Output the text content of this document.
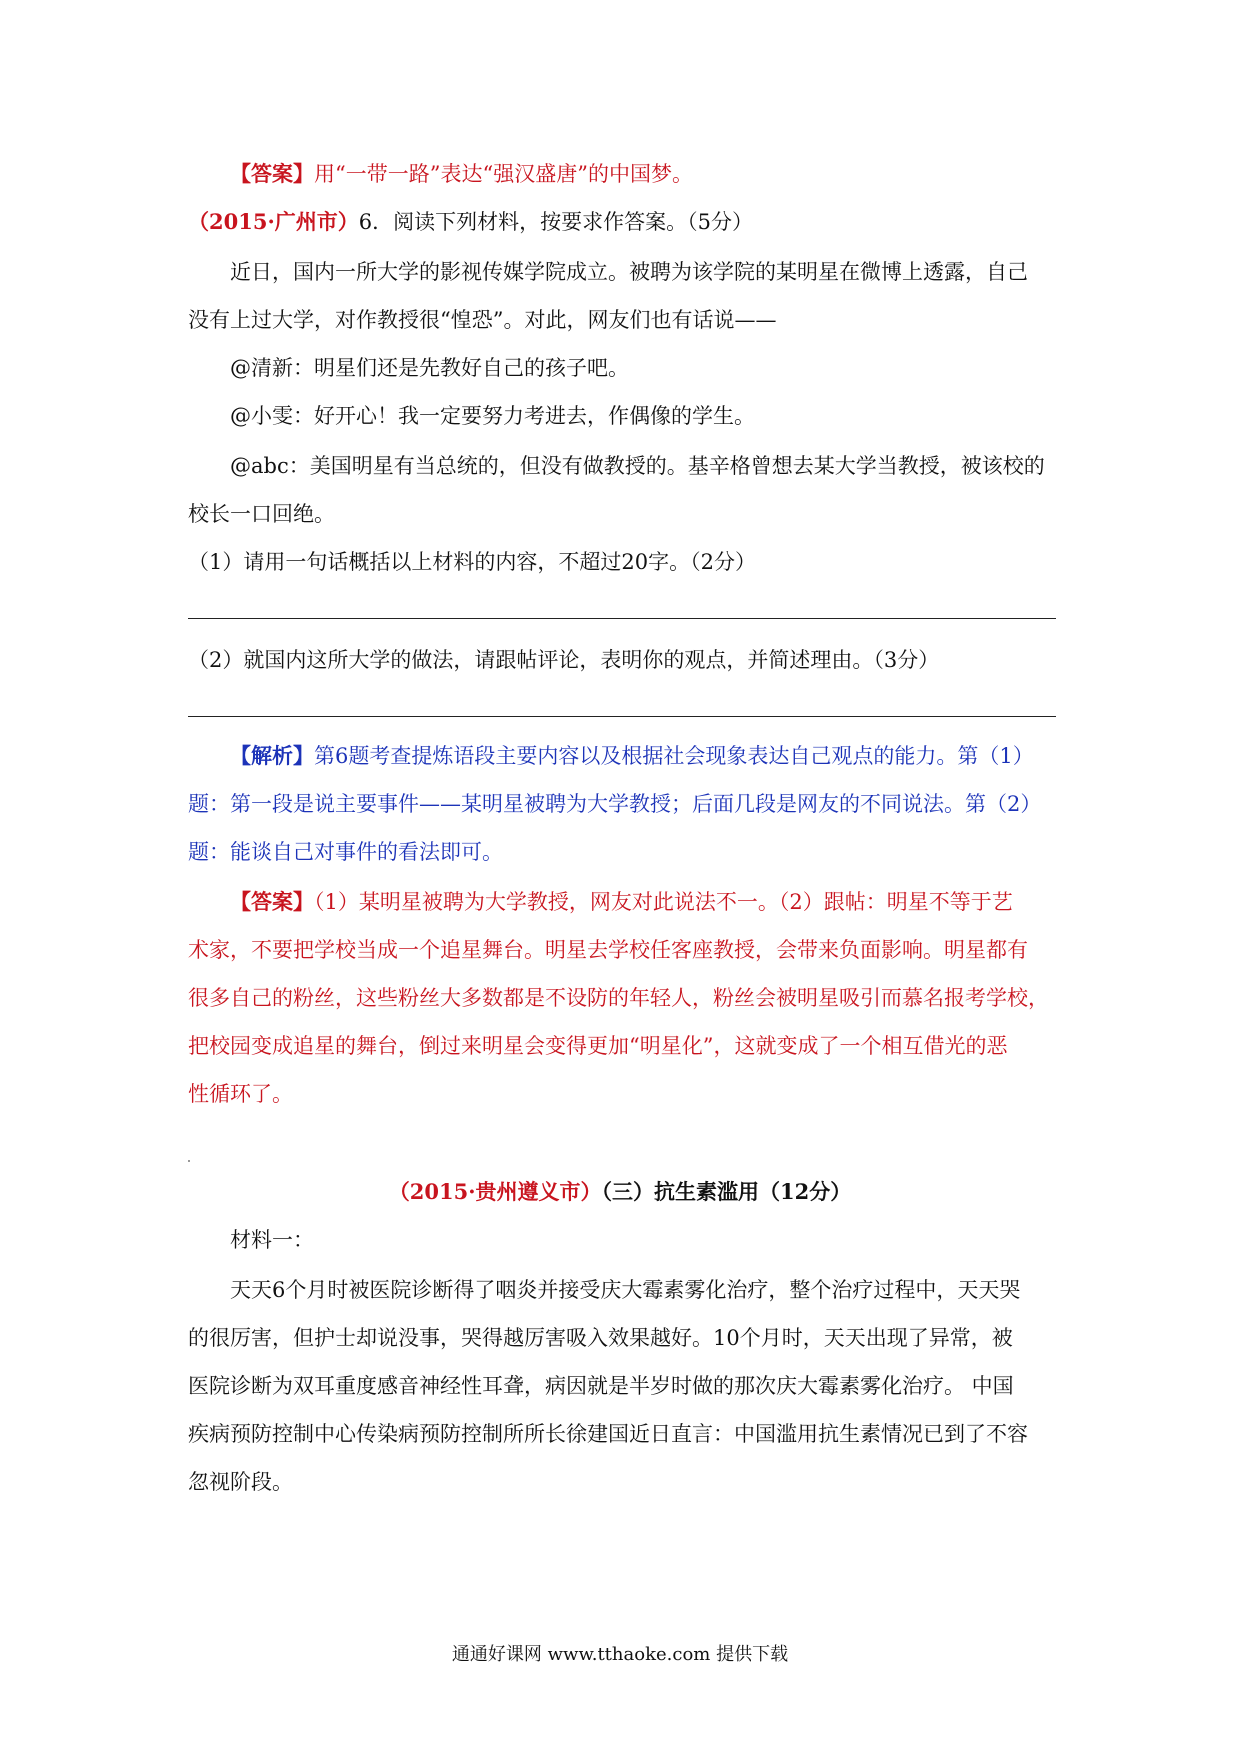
【答案】用“一带一路”表达“强汉盛唐”的中国梦。
（2015·广州市）6．阅读下列材料，按要求作答案。（5分）
近日，国内一所大学的影视传媒学院成立。被聘为该学院的某明星在微博上透露，自己
没有上过大学，对作教授很“惶恐”。对此，网友们也有话说——
@清新：明星们还是先教好自己的孩子吧。
@小雯：好开心！我一定要努力考进去，作偶像的学生。
@abc：美国明星有当总统的，但没有做教授的。基辛格曾想去某大学当教授，被该校的
校长一口回绝。
（1）请用一句话概括以上材料的内容，不超过20字。（2分）
（2）就国内这所大学的做法，请跟帖评论，表明你的观点，并简述理由。（3分）
【解析】第6题考查提炼语段主要内容以及根据社会现象表达自己观点的能力。第（1）
题：第一段是说主要事件——某明星被聘为大学教授；后面几段是网友的不同说法。第（2）
题：能谈自己对事件的看法即可。
【答案】（1）某明星被聘为大学教授，网友对此说法不一。（2）跟帖：明星不等于艺
术家，不要把学校当成一个追星舞台。明星去学校任客座教授，会带来负面影响。明星都有
很多自己的粉丝，这些粉丝大多数都是不设防的年轻人，粉丝会被明星吸引而慕名报考学校，
把校园变成追星的舞台，倒过来明星会变得更加“明星化”，这就变成了一个相互借光的恶
性循环了。
（2015·贵州遵义市）（三）抗生素滥用（12分）
材料一：
天天6个月时被医院诊断得了咽炎并接受庆大霉素雾化治疗，整个治疗过程中，天天哭
的很厉害，但护士却说没事，哭得越厉害吸入效果越好。10个月时，天天出现了异常，被
医院诊断为双耳重度感音神经性耳聋，病因就是半岁时做的那次庆大霉素雾化治疗。 中国
疾病预防控制中心传染病预防控制所所长徐建国近日直言：中国滥用抗生素情况已到了不容
忽视阶段。
通通好课网 www.tthaoke.com 提供下载
